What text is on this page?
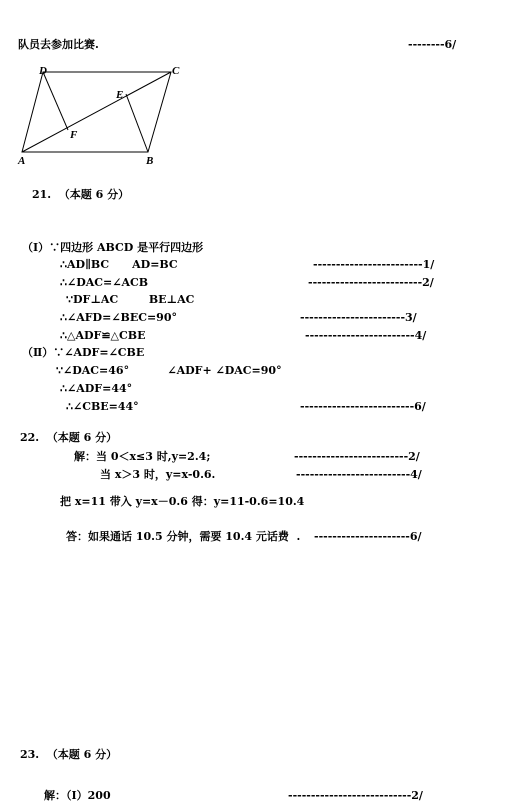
队员去参加比赛.	--------6/
A	B
C
D
E
F
21.  （本题 6 分）
（Ⅰ）∵四边形 ABCD 是平行四边形
∴AD∥BC      AD=BC	------------------------1/
∴∠DAC=∠ACB	-------------------------2/
∵DF⊥AC        BE⊥AC
∴∠AFD=∠BEC=90°	-----------------------3/
∴△ADF≌△CBE	------------------------4/
（Ⅱ）∵∠ADF=∠CBE
∵∠DAC=46°          ∠ADF+ ∠DAC=90°
∴∠ADF=44°
∴∠CBE=44°	-------------------------6/
22.  （本题 6 分）
解：当 0＜x≤3 时,y=2.4;	-------------------------2/
当 x＞3 时，y=x-0.6.	-------------------------4/
把 x=11 带入 y=x－0.6 得：y=11-0.6=10.4
答：如果通话 10.5 分钟，需要 10.4 元话费  . ---------------------6/
23.  （本题 6 分）
解：（Ⅰ）200	---------------------------2/
